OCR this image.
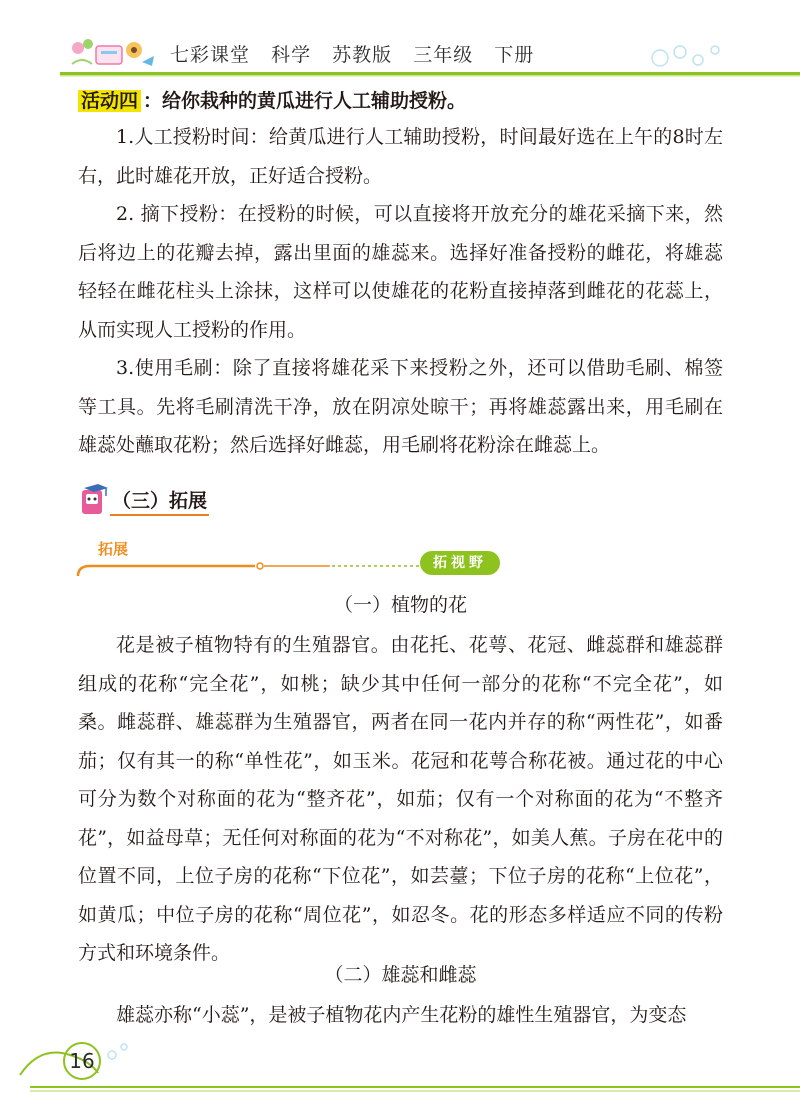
七彩课堂 科学 苏教版 三年级 下册
活动四 ：给你栽种的黄瓜进行人工辅助授粉。

1.人工授粉时间：给黄瓜进行人工辅助授粉，时间最好选在上午的8时左右，此时雄花开放，正好适合授粉。

2. 摘下授粉：在授粉的时候，可以直接将开放充分的雄花采摘下来，然后将边上的花瓣去掉，露出里面的雄蕊来。选择好准备授粉的雌花，将雄蕊轻轻在雌花柱头上涂抹，这样可以使雄花的花粉直接掉落到雌花的花蕊上，从而实现人工授粉的作用。

3.使用毛刷：除了直接将雄花采下来授粉之外，还可以借助毛刷、棉签等工具。先将毛刷清洗干净，放在阴凉处晾干；再将雄蕊露出来，用毛刷在雄蕊处蘸取花粉；然后选择好雌蕊，用毛刷将花粉涂在雌蕊上。

（三）拓展
拓展
拓视野
（一）植物的花

花是被子植物特有的生殖器官。由花托、花萼、花冠、雌蕊群和雄蕊群组成的花称“完全花”，如桃；缺少其中任何一部分的花称“不完全花”，如桑。雌蕊群、雄蕊群为生殖器官，两者在同一花内并存的称“两性花”，如番茄；仅有其一的称“单性花”，如玉米。花冠和花萼合称花被。通过花的中心可分为数个对称面的花为“整齐花”，如茄；仅有一个对称面的花为“不整齐花”，如益母草；无任何对称面的花为“不对称花”，如美人蕉。子房在花中的位置不同，上位子房的花称“下位花”，如芸薹；下位子房的花称“上位花”，如黄瓜；中位子房的花称“周位花”，如忍冬。花的形态多样适应不同的传粉方式和环境条件。

（二）雄蕊和雌蕊

雄蕊亦称“小蕊”，是被子植物花内产生花粉的雄性生殖器官，为变态

16
